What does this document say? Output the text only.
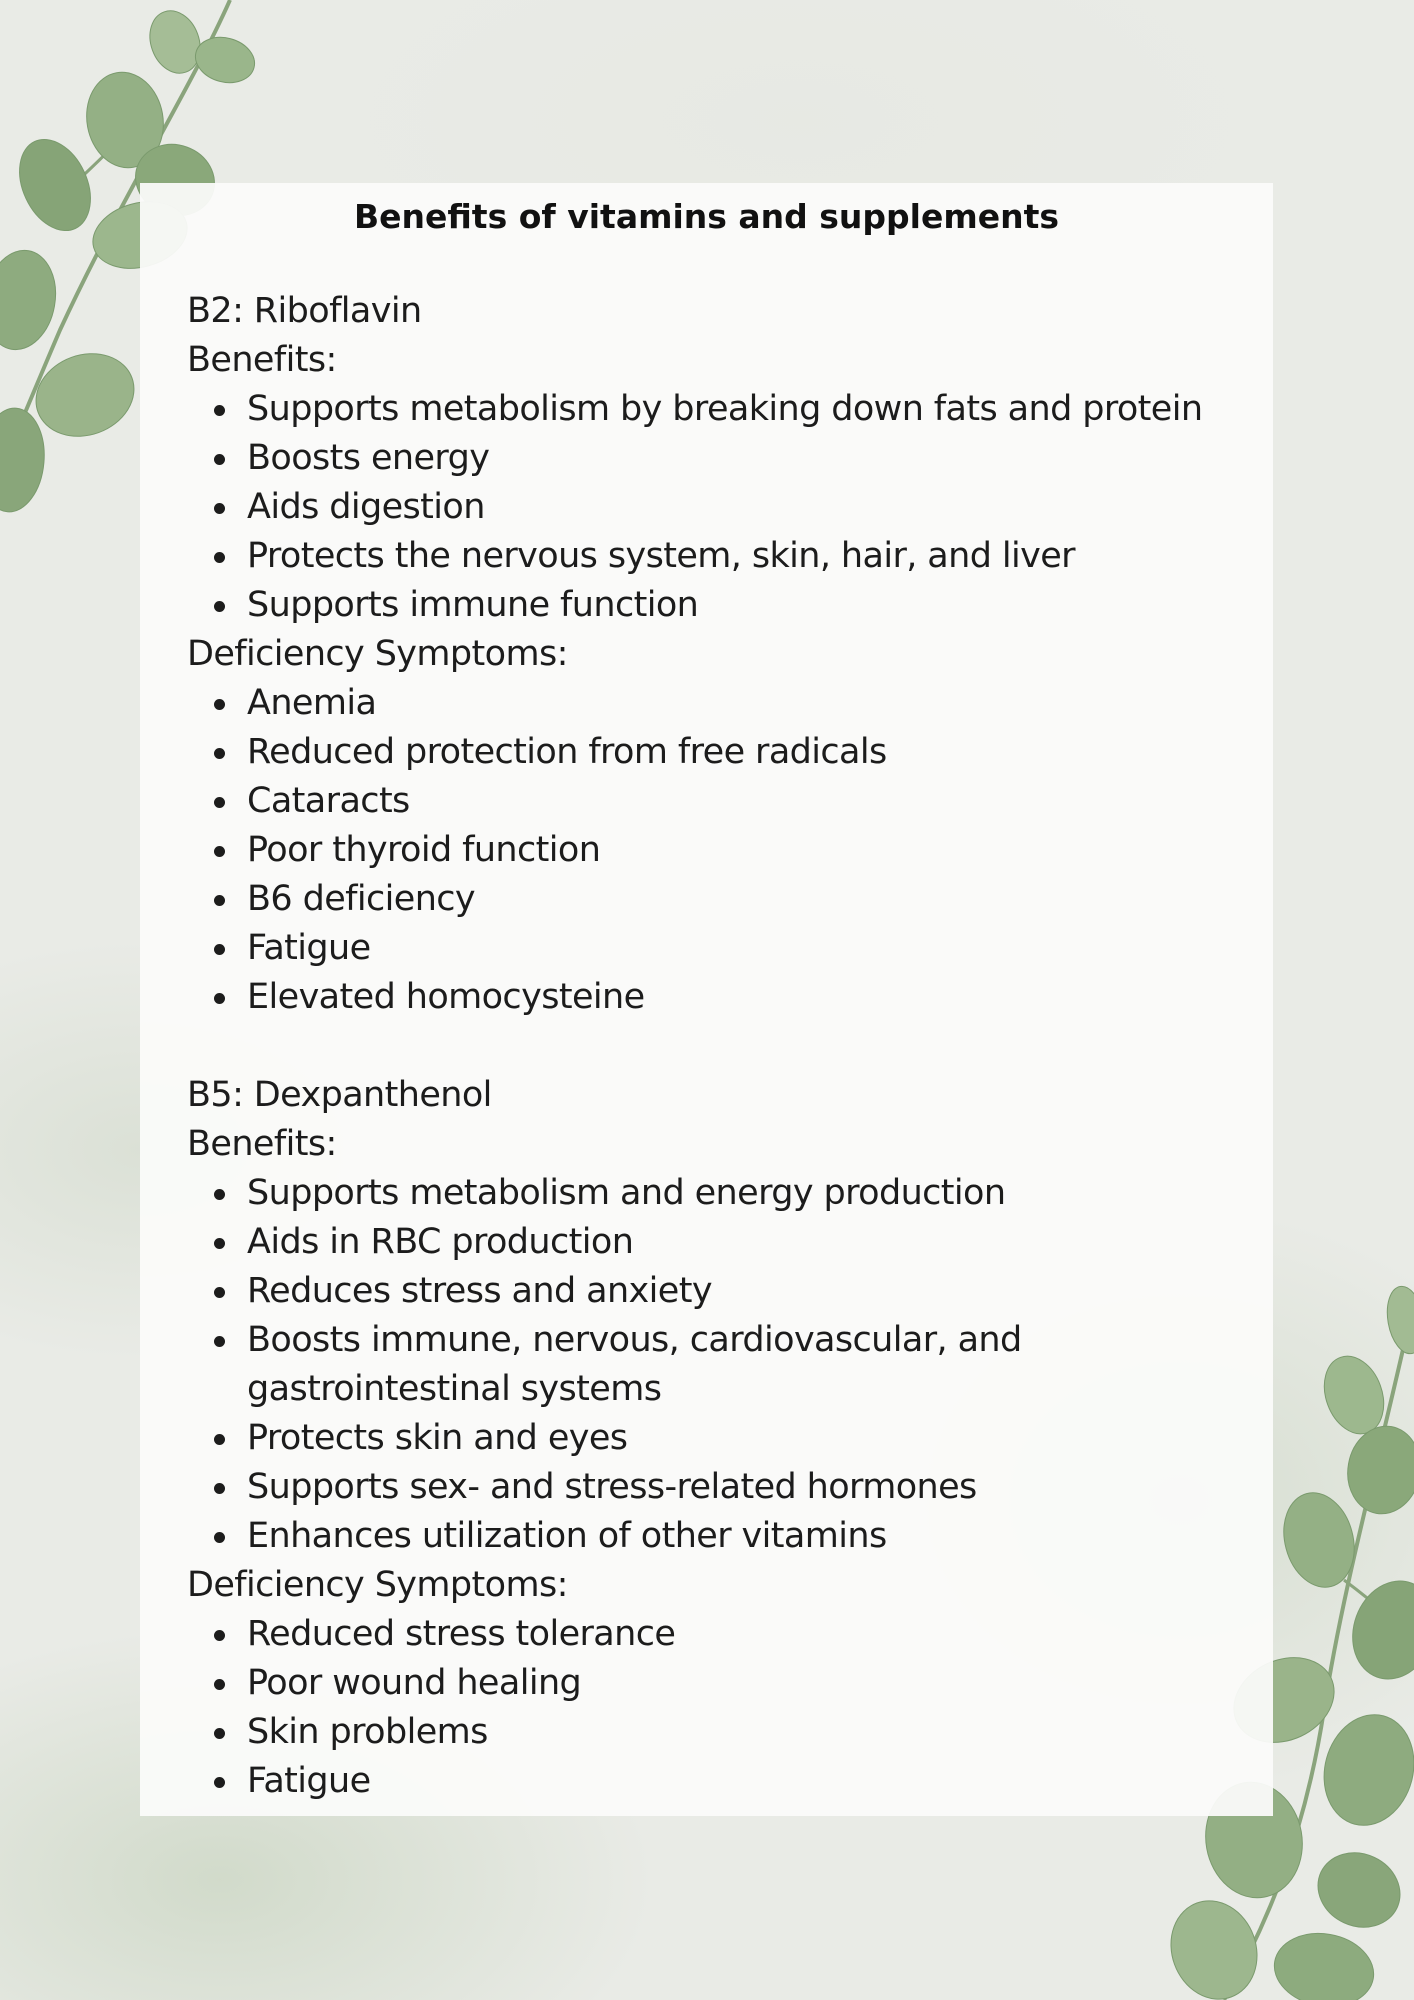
Benefits of vitamins and supplements

B2: Riboflavin

Benefits:

Supports metabolism by breaking down fats and protein
Boosts energy
Aids digestion
Protects the nervous system, skin, hair, and liver
Supports immune function

Deficiency Symptoms:

Anemia
Reduced protection from free radicals
Cataracts
Poor thyroid function
B6 deficiency
Fatigue
Elevated homocysteine

B5: Dexpanthenol

Benefits:

Supports metabolism and energy production
Aids in RBC production
Reduces stress and anxiety
Boosts immune, nervous, cardiovascular, and
gastrointestinal systems
Protects skin and eyes
Supports sex- and stress-related hormones
Enhances utilization of other vitamins

Deficiency Symptoms:

Reduced stress tolerance
Poor wound healing
Skin problems
Fatigue
